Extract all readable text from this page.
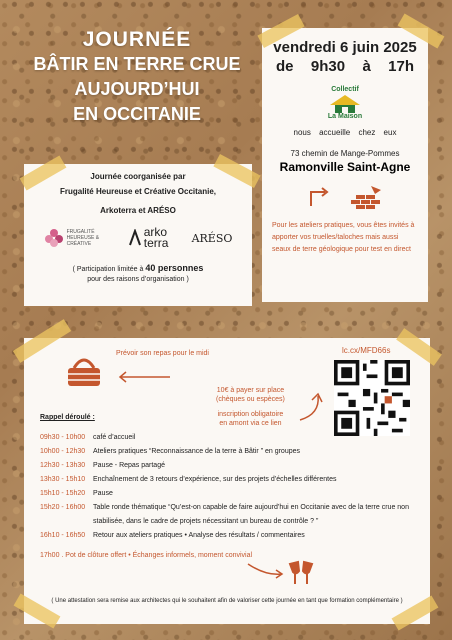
JOURNÉE
BÂTIR EN TERRE CRUE
AUJOURD’HUI
EN OCCITANIE
vendredi 6 juin 2025
de 9h30 à 17h
Collectif
La Maison
nous accueille chez eux
73 chemin de Mange-Pommes
Ramonville Saint-Agne
Pour les ateliers pratiques, vous êtes invités à apporter vos truelles/taloches mais aussi seaux de terre géologique pour test en direct
Journée coorganisée par
Frugalité Heureuse et Créative Occitanie,
Arkoterra et ARÉSO
FRUGALITÉ HEUREUSE & CRÉATIVE
arko
terra ARÉSO
( Participation limitée à 40 personnes
pour des raisons d’organisation )
Prévoir son repas pour le midi	lc.cx/MFD66s
10€ à payer sur place
(chèques ou espèces)
inscription obligatoire
en amont via ce lien
Rappel déroulé :
09h30 - 10h00	café d’accueil
10h00 - 12h30	Ateliers pratiques “Reconnaissance de la terre à Bâtir ” en groupes
12h30 - 13h30	Pause - Repas partagé
13h30 - 15h10	Enchaînement de 3 retours d’expérience, sur des projets d’échelles différentes
15h10 - 15h20	Pause
15h20 - 16h00	Table ronde thématique “Qu’est-on capable de faire aujourd’hui en Occitanie avec de la terre crue non stabilisée, dans le cadre de projets nécessitant un bureau de contrôle ? ”
16h10 - 16h50	Retour aux ateliers pratiques • Analyse des résultats / commentaires
17h00 . Pot de clôture offert • Échanges informels, moment convivial
( Une attestation sera remise aux architectes qui le souhaitent afin de valoriser cette journée en tant que formation complémentaire )
